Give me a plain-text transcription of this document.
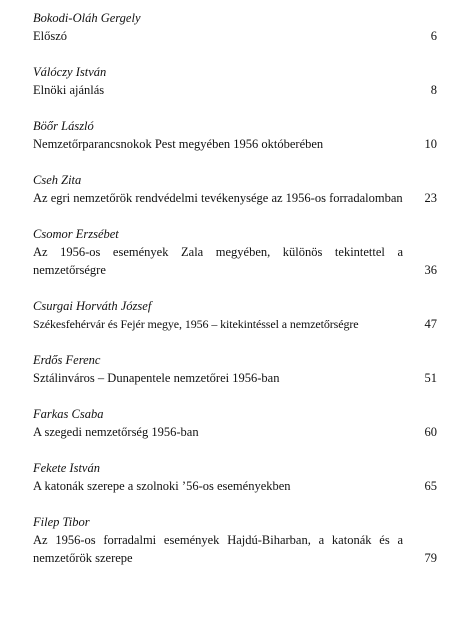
Bokodi-Oláh Gergely
Előszó	6
Válóczy István
Elnöki ajánlás	8
Böőr László
Nemzetőrparancsnokok Pest megyében 1956 októberében	10
Cseh Zita
Az egri nemzetőrök rendvédelmi tevékenysége az 1956-os forradalomban	23
Csomor Erzsébet
Az 1956-os események Zala megyében, különös tekintettel a nemzetőrségre	36
Csurgai Horváth József
Székesfehérvár és Fejér megye, 1956 – kitekintéssel a nemzetőrségre	47
Erdős Ferenc
Sztálinváros – Dunapentele nemzetőrei 1956-ban	51
Farkas Csaba
A szegedi nemzetőrség 1956-ban	60
Fekete István
A katonák szerepe a szolnoki ’56-os eseményekben	65
Filep Tibor
Az 1956-os forradalmi események Hajdú-Biharban, a katonák és a nemzetőrök szerepe	79
